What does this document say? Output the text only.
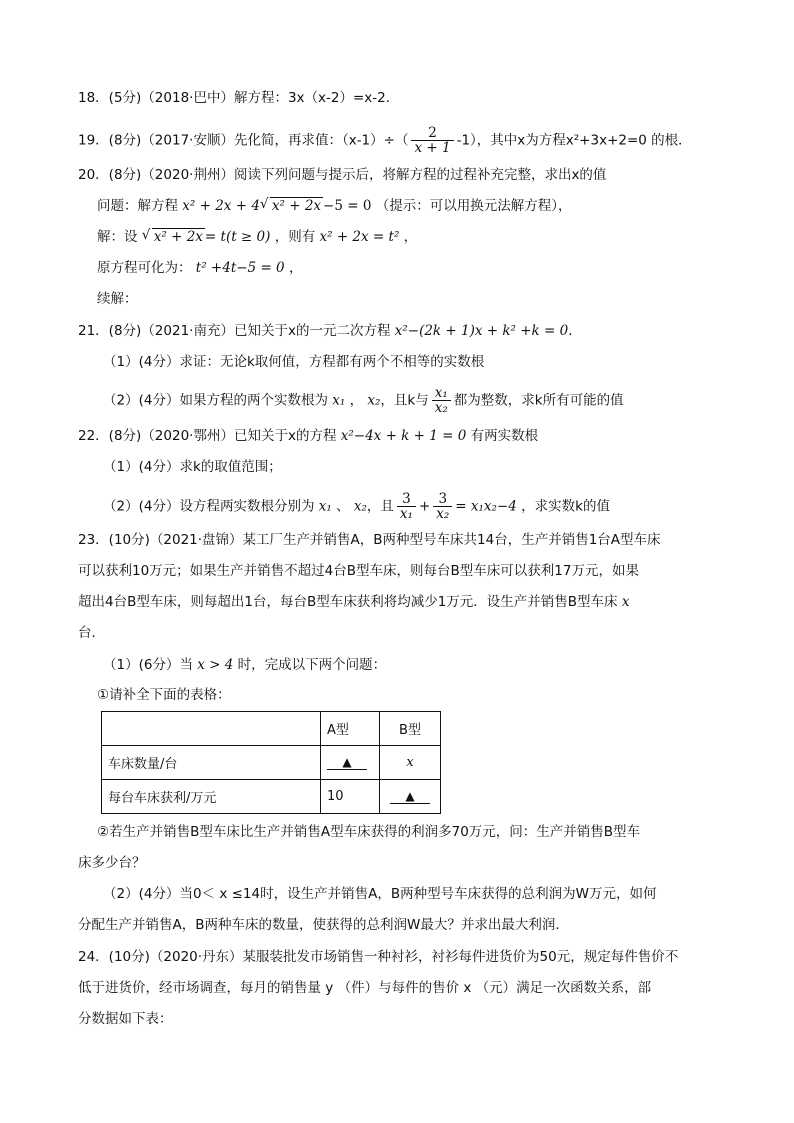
18．(5分)（2018·巴中）解方程：3x（x-2）=x-2．
19．(8分)（2017·安顺）先化简，再求值：$(x-1)\div( \frac{2}{x + 1} -1)$，其中x为方程x²+3x+2=0 的根．
20．(8分)（2020·荆州）阅读下列问题与提示后，将解方程的过程补充完整，求出x的值
问题：解方程 x² + 2x + 4 √ x² + 2x −5 = 0 （提示：可以用换元法解方程），
解：设 √ x² + 2x = t(t ≥ 0) ，则有 x² + 2x = t² ，
原方程可化为： t² +4t−5 = 0 ，
续解：
21．(8分)（2021·南充）已知关于x的一元二次方程 x²−(2k + 1)x + k² +k = 0．
（1）(4分）求证：无论k取何值，方程都有两个不相等的实数根
（2）(4分）如果方程的两个实数根为 x₁ ， x₂，且k与 $\frac{\text{x₁}}{\text{x₂}}$ 都为整数，求k所有可能的值
22．(8分)（2020·鄂州）已知关于x的方程 x²−4x + k + 1 = 0 有两实数根
（1）(4分）求k的取值范围；
（2）(4分）设方程两实数根分别为 x₁ 、 x₂，且 $\frac{3}{\text{x₁}} + \frac{3}{\text{x₂}} = x_1x_2-4$ ，求实数k的值
23．(10分)（2021·盘锦）某工厂生产并销售A，B两种型号车床共14台，生产并销售1台A型车床
可以获利10万元；如果生产并销售不超过4台B型车床，则每台B型车床可以获利17万元，如果
超出4台B型车床，则每超出1台，每台B型车床获利将均减少1万元．设生产并销售B型车床 x
台．
（1）(6分）当 x > 4 时，完成以下两个问题：
①请补全下面的表格：
	A型	B型
车床数量/台	▲	x
每台车床获利/万元	10	▲
②若生产并销售B型车床比生产并销售A型车床获得的利润多70万元，问：生产并销售B型车
床多少台？
（2）(4分）当0＜ x ≤14时，设生产并销售A，B两种型号车床获得的总利润为W万元，如何
分配生产并销售A，B两种车床的数量，使获得的总利润W最大？并求出最大利润．
24．(10分)（2020·丹东）某服装批发市场销售一种衬衫，衬衫每件进货价为50元，规定每件售价不
低于进货价，经市场调查，每月的销售量 y （件）与每件的售价 x （元）满足一次函数关系，部
分数据如下表：
